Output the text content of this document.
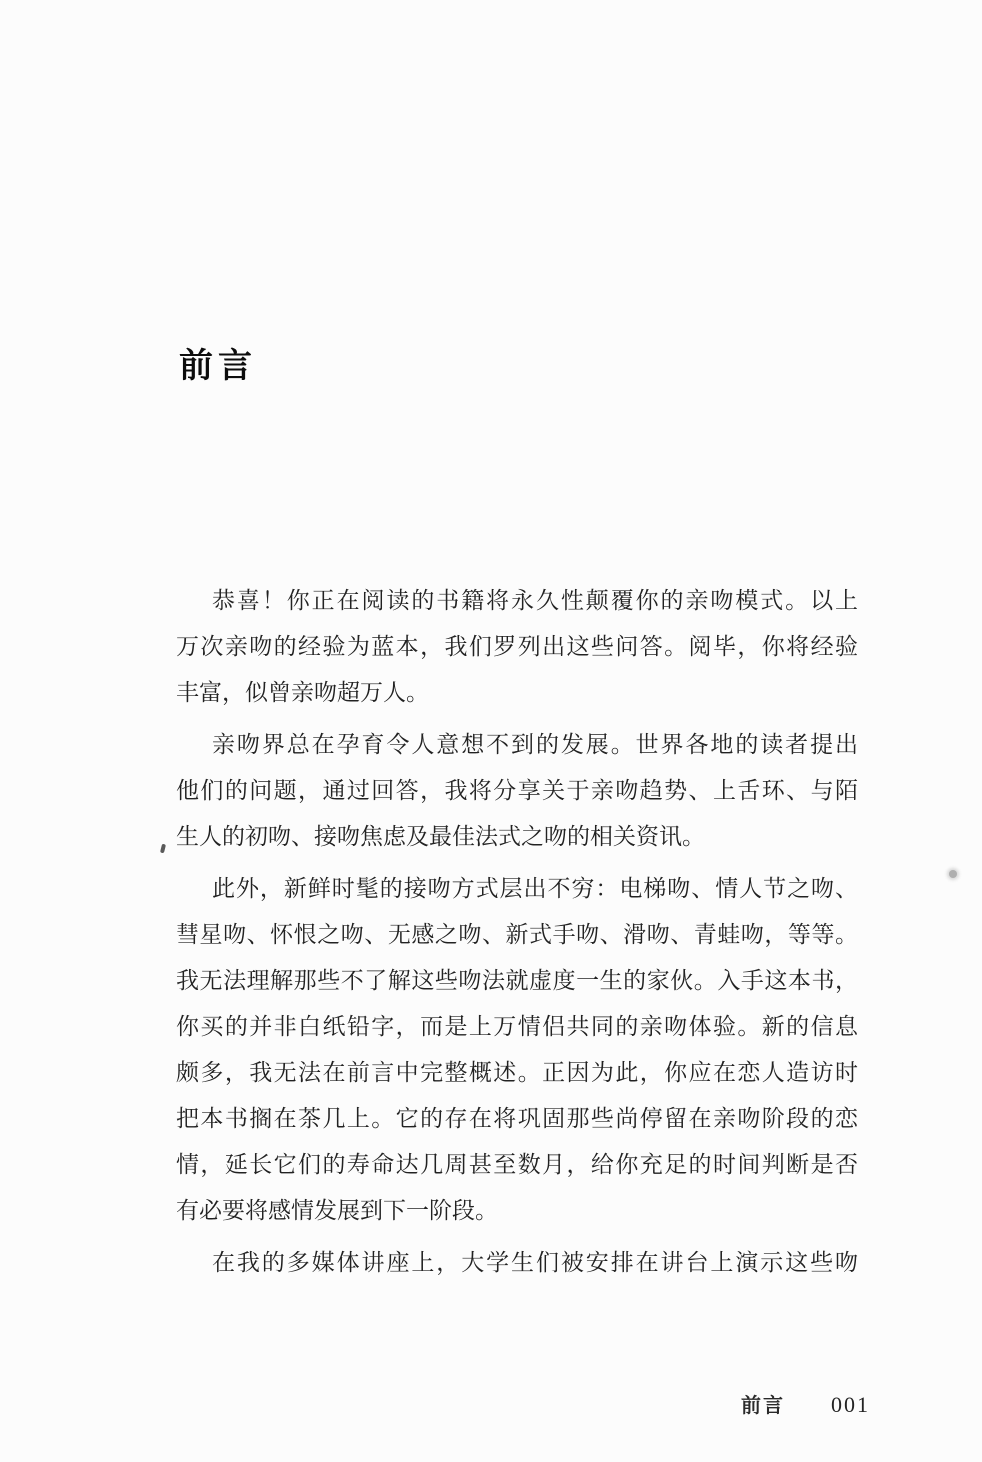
前言
恭喜！你正在阅读的书籍将永久性颠覆你的亲吻模式。以上
万次亲吻的经验为蓝本，我们罗列出这些问答。阅毕，你将经验
丰富，似曾亲吻超万人。
亲吻界总在孕育令人意想不到的发展。世界各地的读者提出
他们的问题，通过回答，我将分享关于亲吻趋势、上舌环、与陌
生人的初吻、接吻焦虑及最佳法式之吻的相关资讯。
此外，新鲜时髦的接吻方式层出不穷：电梯吻、情人节之吻、
彗星吻、怀恨之吻、无感之吻、新式手吻、滑吻、青蛙吻，等等。
我无法理解那些不了解这些吻法就虚度一生的家伙。入手这本书，
你买的并非白纸铅字，而是上万情侣共同的亲吻体验。新的信息
颇多，我无法在前言中完整概述。正因为此，你应在恋人造访时
把本书搁在茶几上。它的存在将巩固那些尚停留在亲吻阶段的恋
情，延长它们的寿命达几周甚至数月，给你充足的时间判断是否
有必要将感情发展到下一阶段。
在我的多媒体讲座上，大学生们被安排在讲台上演示这些吻
前言 001
